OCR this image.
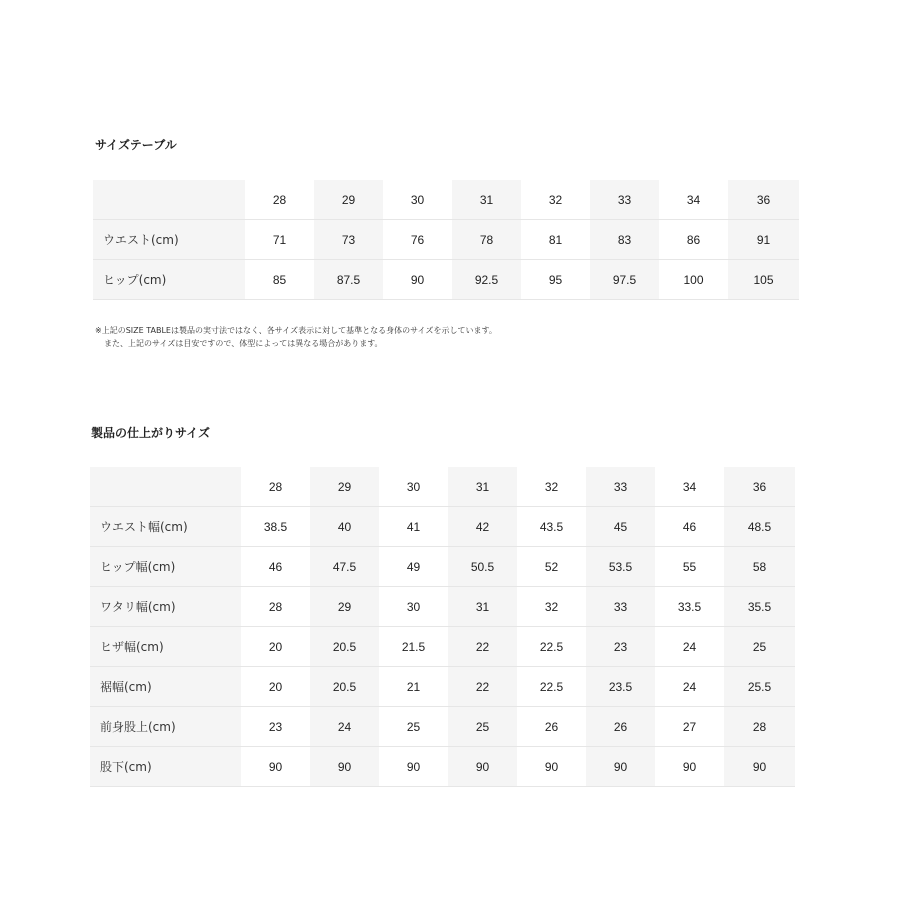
サイズテーブル
	28	29	30	31	32	33	34	36
ウエスト(cm)	71	73	76	78	81	83	86	91
ヒップ(cm)	85	87.5	90	92.5	95	97.5	100	105

※上記のSIZE TABLEは製品の実寸法ではなく、各サイズ表示に対して基準となる身体のサイズを示しています。
また、上記のサイズは目安ですので、体型によっては異なる場合があります。

製品の仕上がりサイズ
	28	29	30	31	32	33	34	36
ウエスト幅(cm)	38.5	40	41	42	43.5	45	46	48.5
ヒップ幅(cm)	46	47.5	49	50.5	52	53.5	55	58
ワタリ幅(cm)	28	29	30	31	32	33	33.5	35.5
ヒザ幅(cm)	20	20.5	21.5	22	22.5	23	24	25
裾幅(cm)	20	20.5	21	22	22.5	23.5	24	25.5
前身股上(cm)	23	24	25	25	26	26	27	28
股下(cm)	90	90	90	90	90	90	90	90
